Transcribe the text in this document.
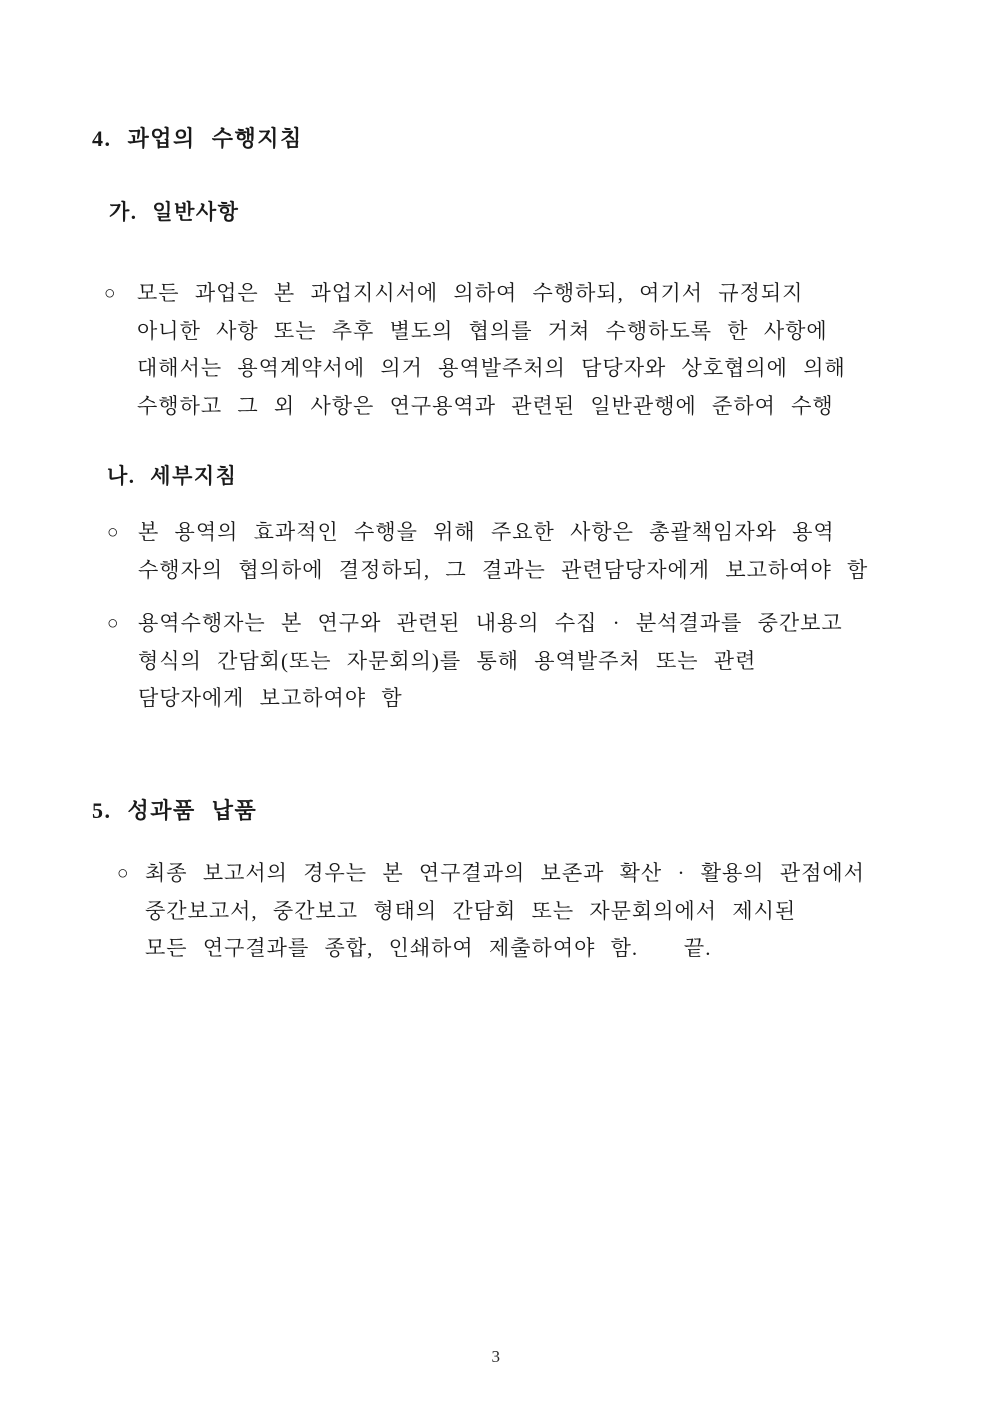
4. 과업의 수행지침
가. 일반사항
○ 모든 과업은 본 과업지시서에 의하여 수행하되, 여기서 규정되지
아니한 사항 또는 추후 별도의 협의를 거쳐 수행하도록 한 사항에
대해서는 용역계약서에 의거 용역발주처의 담당자와 상호협의에 의해
수행하고 그 외 사항은 연구용역과 관련된 일반관행에 준하여 수행
나. 세부지침
○ 본 용역의 효과적인 수행을 위해 주요한 사항은 총괄책임자와 용역
수행자의 협의하에 결정하되, 그 결과는 관련담당자에게 보고하여야 함
○ 용역수행자는 본 연구와 관련된 내용의 수집 · 분석결과를 중간보고
형식의 간담회(또는 자문회의)를 통해 용역발주처 또는 관련
담당자에게 보고하여야 함
5. 성과품 납품
○ 최종 보고서의 경우는 본 연구결과의 보존과 확산 · 활용의 관점에서
중간보고서, 중간보고 형태의 간담회 또는 자문회의에서 제시된
모든 연구결과를 종합, 인쇄하여 제출하여야 함.   끝.
3
